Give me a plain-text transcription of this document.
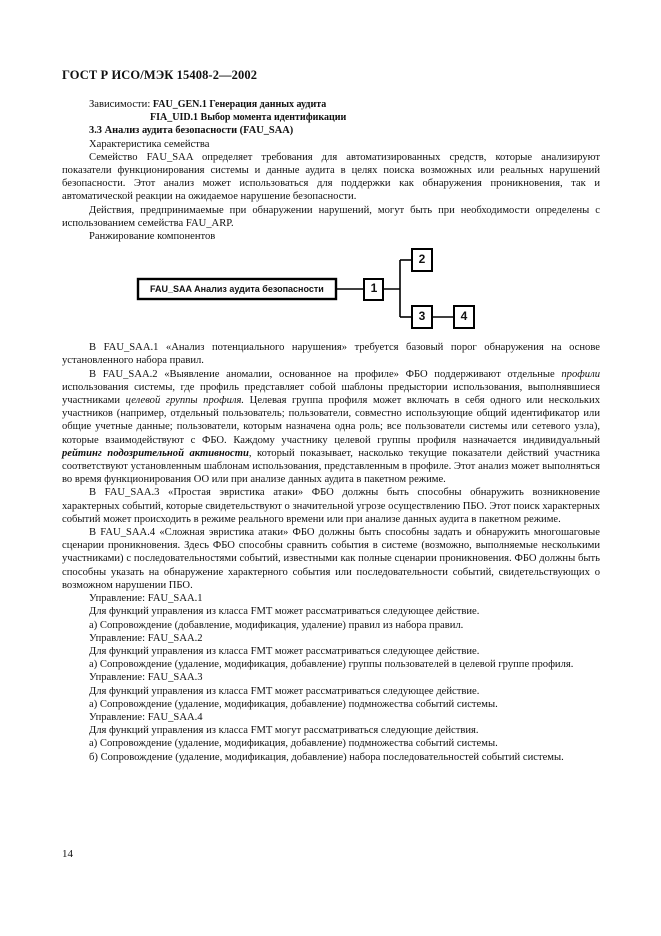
ГОСТ Р ИСО/МЭК 15408-2—2002

Зависимости: FAU_GEN.1 Генерация данных аудита

FIA_UID.1 Выбор момента идентификации

3.3 Анализ аудита безопасности (FAU_SAA)

Характеристика семейства

Семейство FAU_SAA определяет требования для автоматизированных средств, которые анализируют показатели функционирования системы и данные аудита в целях поиска возможных или реальных нарушений безопасности. Этот анализ может использоваться для поддержки как обнаружения проникновения, так и автоматической реакции на ожидаемое нарушение безопасности.

Действия, предпринимаемые при обнаружении нарушений, могут быть при необходимости определены с использованием семейства FAU_ARP.

Ранжирование компонентов

FAU_SAA Анализ аудита безопасности	1
2
3	4

В FAU_SAA.1 «Анализ потенциального нарушения» требуется базовый порог обнаружения на основе установленного набора правил.

В FAU_SAA.2 «Выявление аномалии, основанное на профиле» ФБО поддерживают отдельные профили использования системы, где профиль представляет собой шаблоны предыстории использования, выполнявшиеся участниками целевой группы профиля. Целевая группа профиля может включать в себя одного или нескольких участников (например, отдельный пользователь; пользователи, совместно использующие общий идентификатор или общие учетные данные; пользователи, которым назначена одна роль; все пользователи системы или сетевого узла), которые взаимодействуют с ФБО. Каждому участнику целевой группы профиля назначается индивидуальный рейтинг подозрительной активности, который показывает, насколько текущие показатели действий участника соответствуют установленным шаблонам использования, представленным в профиле. Этот анализ может выполняться во время функционирования ОО или при анализе данных аудита в пакетном режиме.

В FAU_SAA.3 «Простая эвристика атаки» ФБО должны быть способны обнаружить возникновение характерных событий, которые свидетельствуют о значительной угрозе осуществлению ПБО. Этот поиск характерных событий может происходить в режиме реального времени или при анализе данных аудита в пакетном режиме.

В FAU_SAA.4 «Сложная эвристика атаки» ФБО должны быть способны задать и обнаружить многошаговые сценарии проникновения. Здесь ФБО способны сравнить события в системе (возможно, выполняемые несколькими участниками) с последовательностями событий, известными как полные сценарии проникновения. ФБО должны быть способны указать на обнаружение характерного события или последовательности событий, свидетельствующих о возможном нарушении ПБО.

Управление: FAU_SAA.1

Для функций управления из класса FMT может рассматриваться следующее действие.

а) Сопровождение (добавление, модификация, удаление) правил из набора правил.

Управление: FAU_SAA.2

Для функций управления из класса FMT может рассматриваться следующее действие.

а) Сопровождение (удаление, модификация, добавление) группы пользователей в целевой группе профиля.

Управление: FAU_SAA.3

Для функций управления из класса FMT может рассматриваться следующее действие.

а) Сопровождение (удаление, модификация, добавление) подмножества событий системы.

Управление: FAU_SAA.4

Для функций управления из класса FMT могут рассматриваться следующие действия.

а) Сопровождение (удаление, модификация, добавление) подмножества событий системы.

б) Сопровождение (удаление, модификация, добавление) набора последовательностей событий системы.

14
